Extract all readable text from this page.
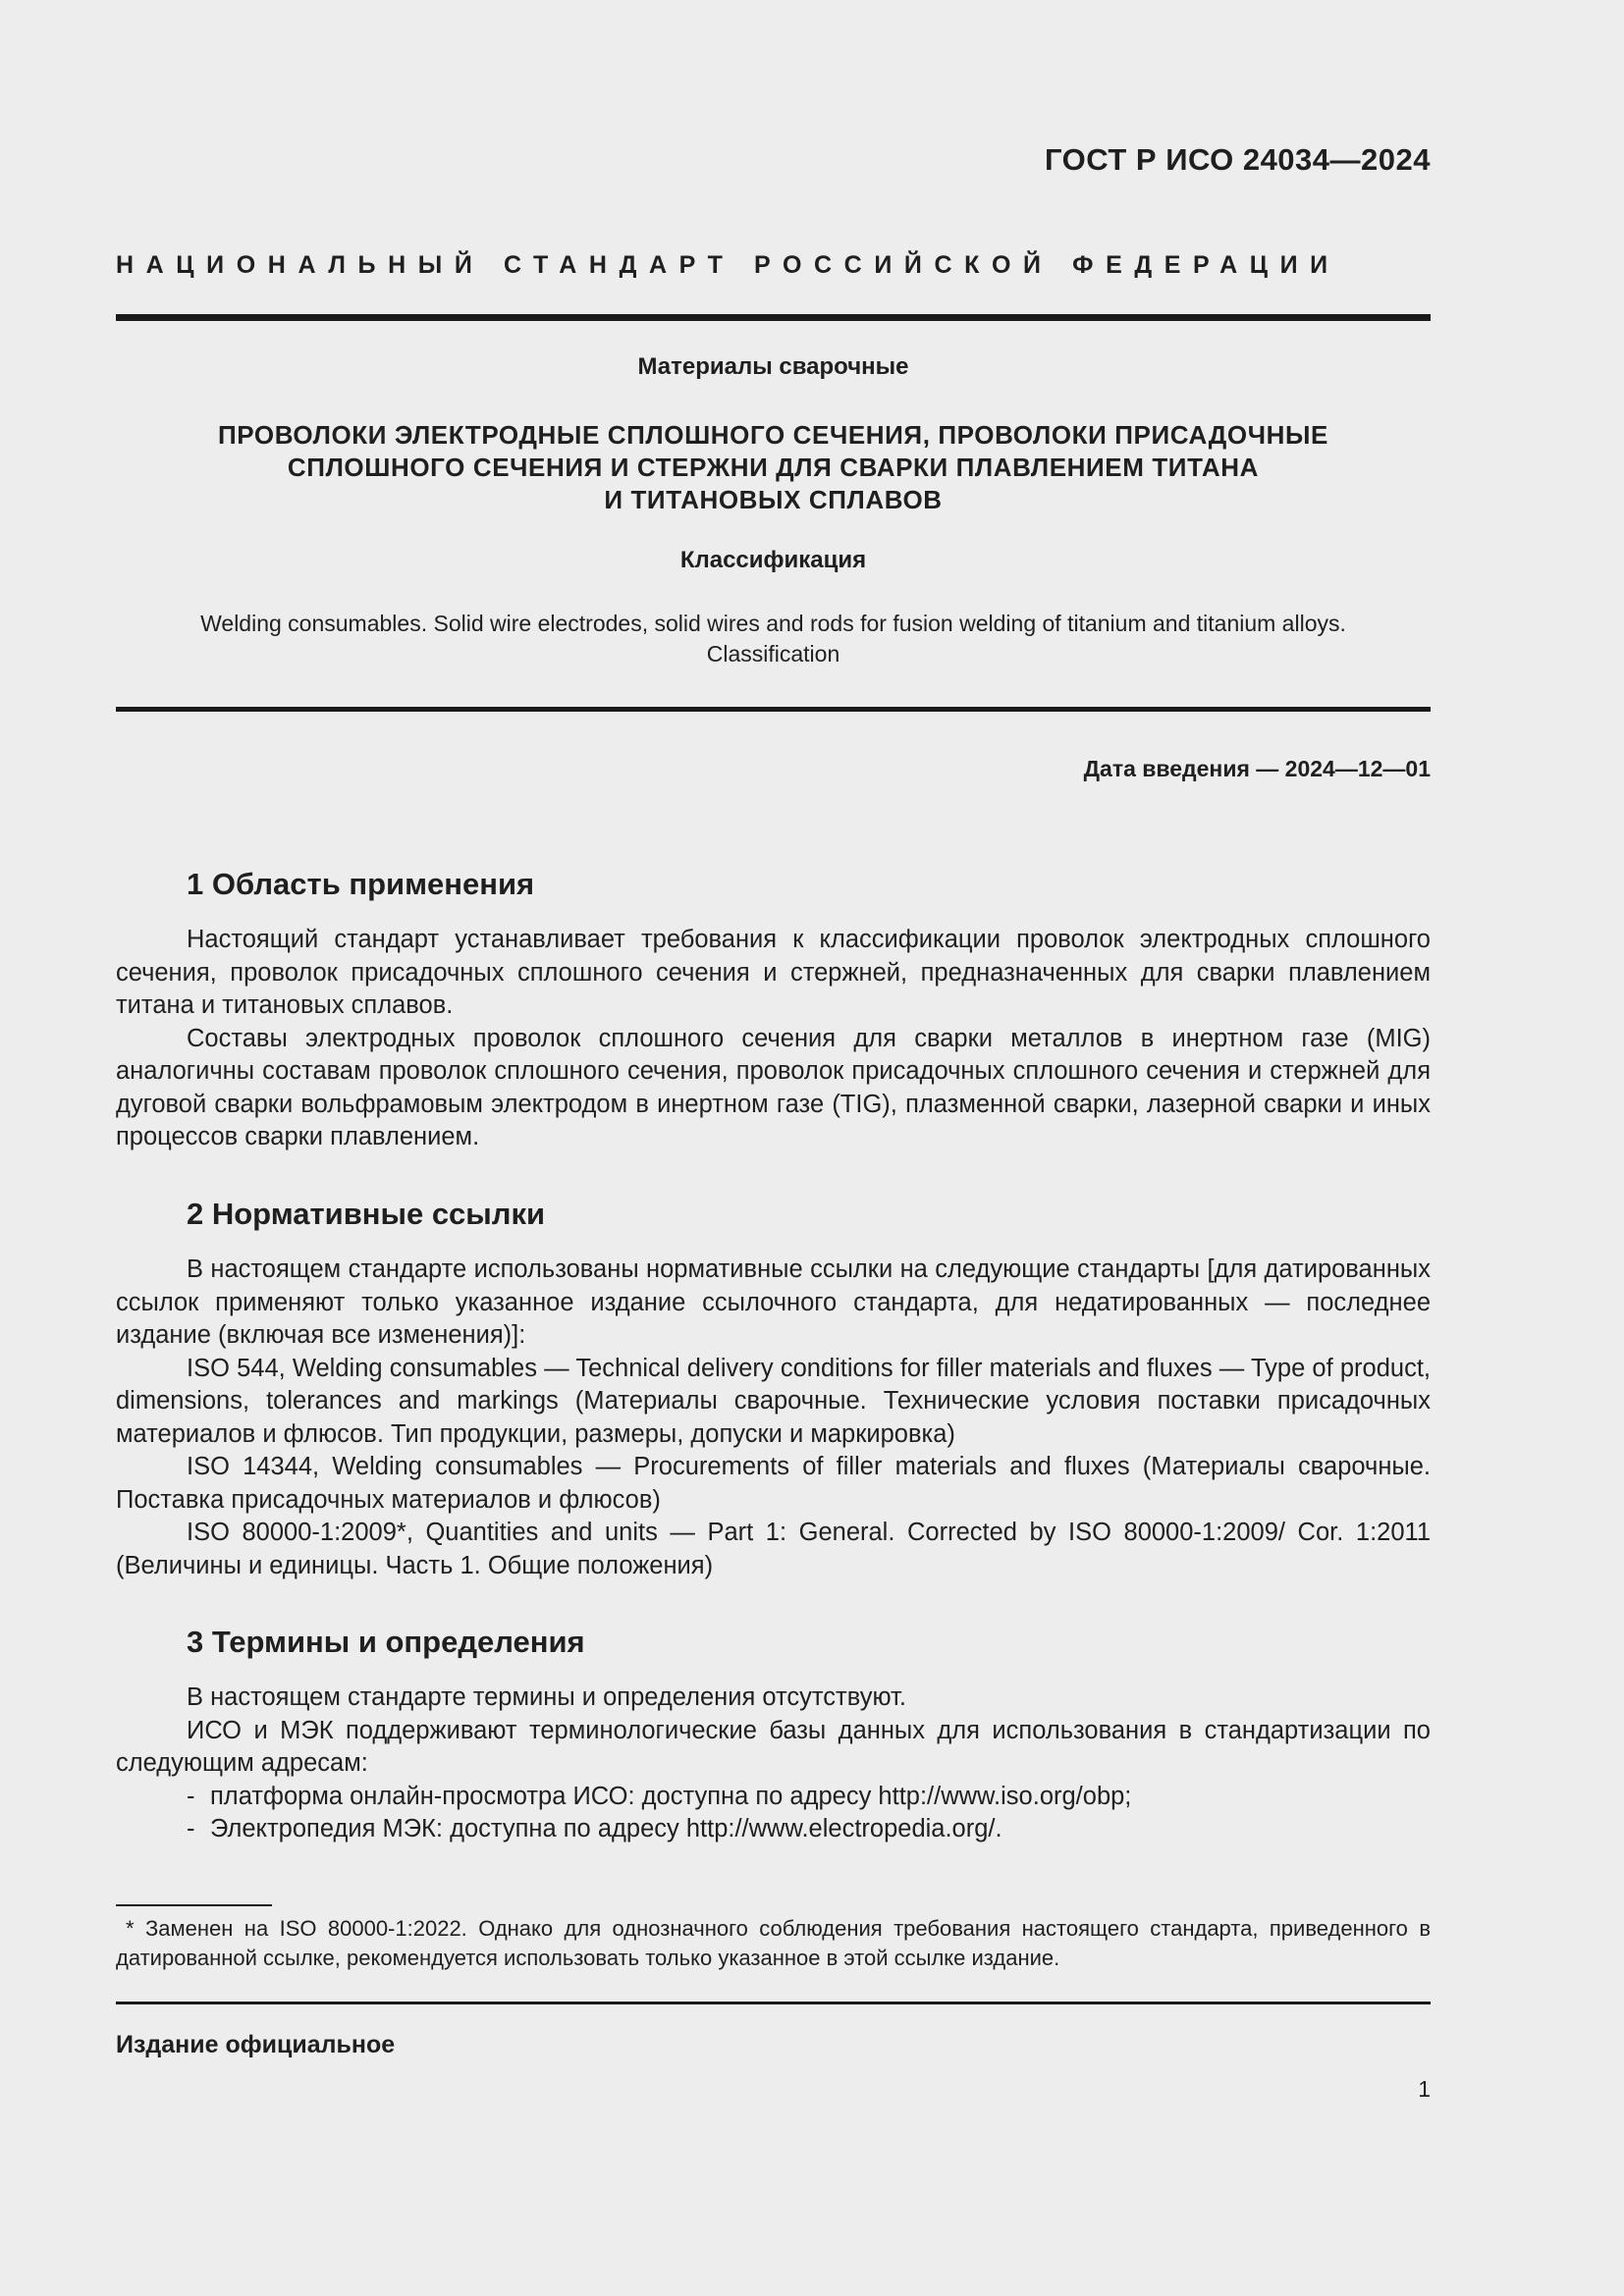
ГОСТ Р ИСО 24034—2024
НАЦИОНАЛЬНЫЙ СТАНДАРТ РОССИЙСКОЙ ФЕДЕРАЦИИ
Материалы сварочные
ПРОВОЛОКИ ЭЛЕКТРОДНЫЕ СПЛОШНОГО СЕЧЕНИЯ, ПРОВОЛОКИ ПРИСАДОЧНЫЕ
СПЛОШНОГО СЕЧЕНИЯ И СТЕРЖНИ ДЛЯ СВАРКИ ПЛАВЛЕНИЕМ ТИТАНА
И ТИТАНОВЫХ СПЛАВОВ
Классификация
Welding consumables. Solid wire electrodes, solid wires and rods for fusion welding of titanium and titanium alloys.
Classification
Дата введения — 2024—12—01
1 Область применения

Настоящий стандарт устанавливает требования к классификации проволок электродных сплошного сечения, проволок присадочных сплошного сечения и стержней, предназначенных для сварки плавлением титана и титановых сплавов.

Составы электродных проволок сплошного сечения для сварки металлов в инертном газе (MIG) аналогичны составам проволок сплошного сечения, проволок присадочных сплошного сечения и стержней для дуговой сварки вольфрамовым электродом в инертном газе (TIG), плазменной сварки, лазерной сварки и иных процессов сварки плавлением.

2 Нормативные ссылки

В настоящем стандарте использованы нормативные ссылки на следующие стандарты [для датированных ссылок применяют только указанное издание ссылочного стандарта, для недатированных — последнее издание (включая все изменения)]:

ISO 544, Welding consumables — Technical delivery conditions for filler materials and fluxes — Type of product, dimensions, tolerances and markings (Материалы сварочные. Технические условия поставки присадочных материалов и флюсов. Тип продукции, размеры, допуски и маркировка)

ISO 14344, Welding consumables — Procurements of filler materials and fluxes (Материалы сварочные. Поставка присадочных материалов и флюсов)

ISO 80000-1:2009*, Quantities and units — Part 1: General. Corrected by ISO 80000-1:2009/ Cor. 1:2011 (Величины и единицы. Часть 1. Общие положения)

3 Термины и определения

В настоящем стандарте термины и определения отсутствуют.

ИСО и МЭК поддерживают терминологические базы данных для использования в стандартизации по следующим адресам:

- платформа онлайн-просмотра ИСО: доступна по адресу http://www.iso.org/obp;
- Электропедия МЭК: доступна по адресу http://www.electropedia.org/.
* Заменен на ISO 80000-1:2022. Однако для однозначного соблюдения требования настоящего стандарта, приведенного в датированной ссылке, рекомендуется использовать только указанное в этой ссылке издание.
Издание официальное
1
